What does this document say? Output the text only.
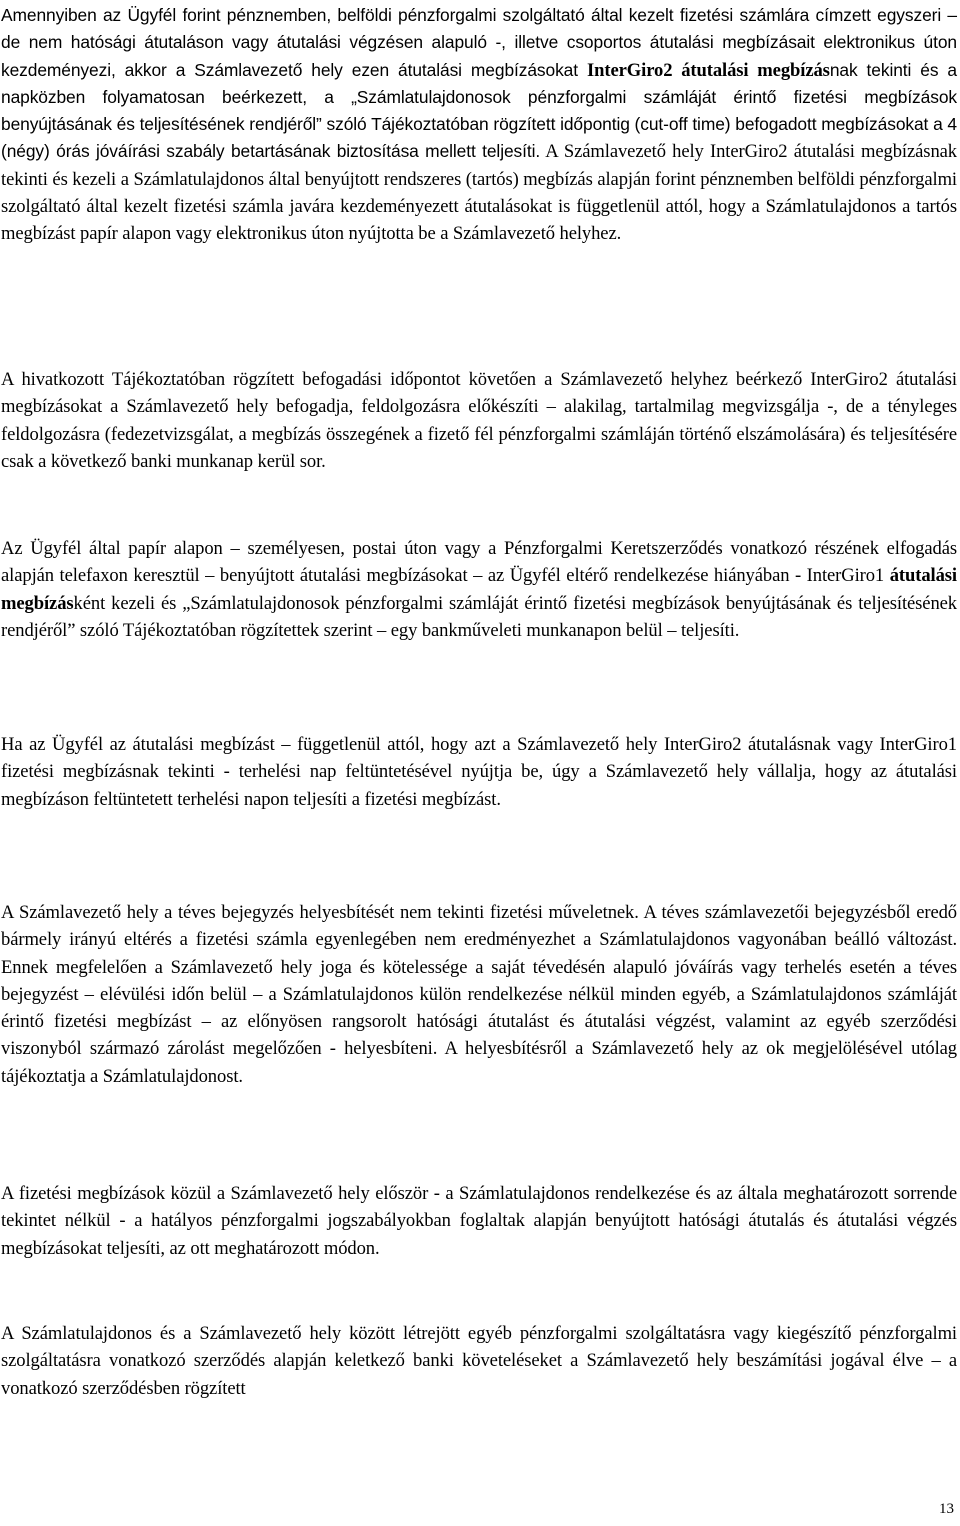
Amennyiben az Ügyfél forint pénznemben, belföldi pénzforgalmi szolgáltató által kezelt fizetési számlára címzett egyszeri – de nem hatósági átutaláson vagy átutalási végzésen alapuló -, illetve csoportos átutalási megbízásait elektronikus úton kezdeményezi, akkor a Számlavezető hely ezen átutalási megbízásokat InterGiro2 átutalási megbízásnak tekinti és a napközben folyamatosan beérkezett, a „Számlatulajdonosok pénzforgalmi számláját érintő fizetési megbízások benyújtásának és teljesítésének rendjéről” szóló Tájékoztatóban rögzített időpontig (cut-off time) befogadott megbízásokat a 4 (négy) órás jóváírási szabály betartásának biztosítása mellett teljesíti. A Számlavezető hely InterGiro2 átutalási megbízásnak tekinti és kezeli a Számlatulajdonos által benyújtott rendszeres (tartós) megbízás alapján forint pénznemben belföldi pénzforgalmi szolgáltató által kezelt fizetési számla javára kezdeményezett átutalásokat is függetlenül attól, hogy a Számlatulajdonos a tartós megbízást papír alapon vagy elektronikus úton nyújtotta be a Számlavezető helyhez.

A hivatkozott Tájékoztatóban rögzített befogadási időpontot követően a Számlavezető helyhez beérkező InterGiro2 átutalási megbízásokat a Számlavezető hely befogadja, feldolgozásra előkészíti – alakilag, tartalmilag megvizsgálja -, de a tényleges feldolgozásra (fedezetvizsgálat, a megbízás összegének a fizető fél pénzforgalmi számláján történő elszámolására) és teljesítésére csak a következő banki munkanap kerül sor.

Az Ügyfél által papír alapon – személyesen, postai úton vagy a Pénzforgalmi Keretszerződés vonatkozó részének elfogadás alapján telefaxon keresztül – benyújtott átutalási megbízásokat – az Ügyfél eltérő rendelkezése hiányában - InterGiro1 átutalási megbízásként kezeli és „Számlatulajdonosok pénzforgalmi számláját érintő fizetési megbízások benyújtásának és teljesítésének rendjéről” szóló Tájékoztatóban rögzítettek szerint – egy bankműveleti munkanapon belül – teljesíti.

Ha az Ügyfél az átutalási megbízást – függetlenül attól, hogy azt a Számlavezető hely InterGiro2 átutalásnak vagy InterGiro1 fizetési megbízásnak tekinti - terhelési nap feltüntetésével nyújtja be, úgy a Számlavezető hely vállalja, hogy az átutalási megbízáson feltüntetett terhelési napon teljesíti a fizetési megbízást.

A Számlavezető hely a téves bejegyzés helyesbítését nem tekinti fizetési műveletnek. A téves számlavezetői bejegyzésből eredő bármely irányú eltérés a fizetési számla egyenlegében nem eredményezhet a Számlatulajdonos vagyonában beálló változást. Ennek megfelelően a Számlavezető hely joga és kötelessége a saját tévedésén alapuló jóváírás vagy terhelés esetén a téves bejegyzést – elévülési időn belül – a Számlatulajdonos külön rendelkezése nélkül minden egyéb, a Számlatulajdonos számláját érintő fizetési megbízást – az előnyösen rangsorolt hatósági átutalást és átutalási végzést, valamint az egyéb szerződési viszonyból származó zárolást megelőzően - helyesbíteni. A helyesbítésről a Számlavezető hely az ok megjelölésével utólag tájékoztatja a Számlatulajdonost.

A fizetési megbízások közül a Számlavezető hely először - a Számlatulajdonos rendelkezése és az általa meghatározott sorrende tekintet nélkül - a hatályos pénzforgalmi jogszabályokban foglaltak alapján benyújtott hatósági átutalás és átutalási végzés megbízásokat teljesíti, az ott meghatározott módon.

A Számlatulajdonos és a Számlavezető hely között létrejött egyéb pénzforgalmi szolgáltatásra vagy kiegészítő pénzforgalmi szolgáltatásra vonatkozó szerződés alapján keletkező banki követeléseket a Számlavezető hely beszámítási jogával élve – a vonatkozó szerződésben rögzített

13
